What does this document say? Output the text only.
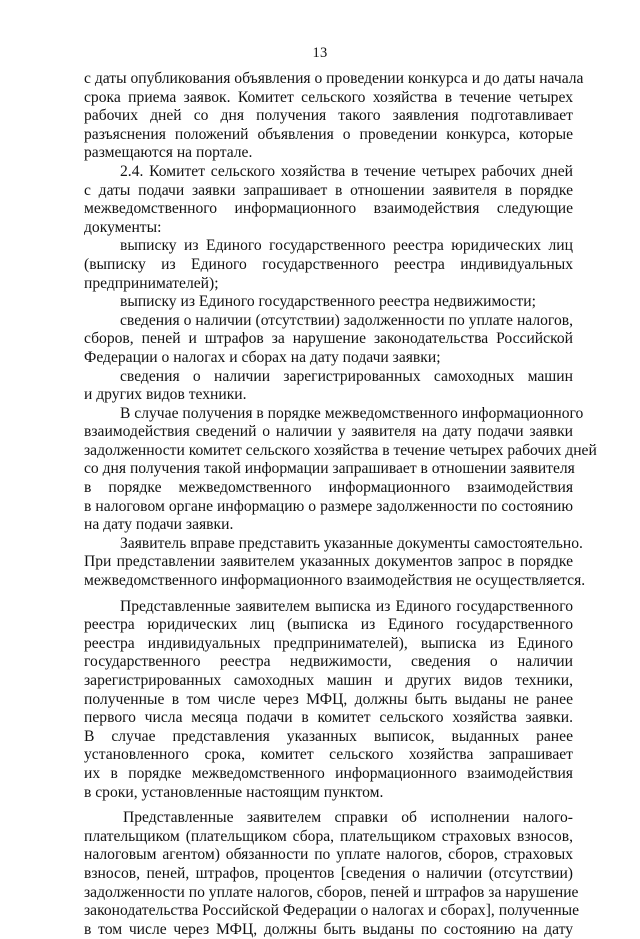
13
с даты опубликования объявления о проведении конкурса и до даты начала
срока приема заявок. Комитет сельского хозяйства в течение четырех
рабочих дней со дня получения такого заявления подготавливает
разъяснения положений объявления о проведении конкурса, которые
размещаются на портале.
2.4. Комитет сельского хозяйства в течение четырех рабочих дней
с даты подачи заявки запрашивает в отношении заявителя в порядке
межведомственного информационного взаимодействия следующие
документы:
выписку из Единого государственного реестра юридических лиц
(выписку из Единого государственного реестра индивидуальных
предпринимателей);
выписку из Единого государственного реестра недвижимости;
сведения о наличии (отсутствии) задолженности по уплате налогов,
сборов, пеней и штрафов за нарушение законодательства Российской
Федерации о налогах и сборах на дату подачи заявки;
сведения о наличии зарегистрированных самоходных машин
и других видов техники.
В случае получения в порядке межведомственного информационного
взаимодействия сведений о наличии у заявителя на дату подачи заявки
задолженности комитет сельского хозяйства в течение четырех рабочих дней
со дня получения такой информации запрашивает в отношении заявителя
в порядке межведомственного информационного взаимодействия
в налоговом органе информацию о размере задолженности по состоянию
на дату подачи заявки.
Заявитель вправе представить указанные документы самостоятельно.
При представлении заявителем указанных документов запрос в порядке
межведомственного информационного взаимодействия не осуществляется.
Представленные заявителем выписка из Единого государственного
реестра юридических лиц (выписка из Единого государственного
реестра индивидуальных предпринимателей), выписка из Единого
государственного реестра недвижимости, сведения о наличии
зарегистрированных самоходных машин и других видов техники,
полученные в том числе через МФЦ, должны быть выданы не ранее
первого числа месяца подачи в комитет сельского хозяйства заявки.
В случае представления указанных выписок, выданных ранее
установленного срока, комитет сельского хозяйства запрашивает
их в порядке межведомственного информационного взаимодействия
в сроки, установленные настоящим пунктом.
Представленные заявителем справки об исполнении налого-
плательщиком (плательщиком сбора, плательщиком страховых взносов,
налоговым агентом) обязанности по уплате налогов, сборов, страховых
взносов, пеней, штрафов, процентов [сведения о наличии (отсутствии)
задолженности по уплате налогов, сборов, пеней и штрафов за нарушение
законодательства Российской Федерации о налогах и сборах], полученные
в том числе через МФЦ, должны быть выданы по состоянию на дату
